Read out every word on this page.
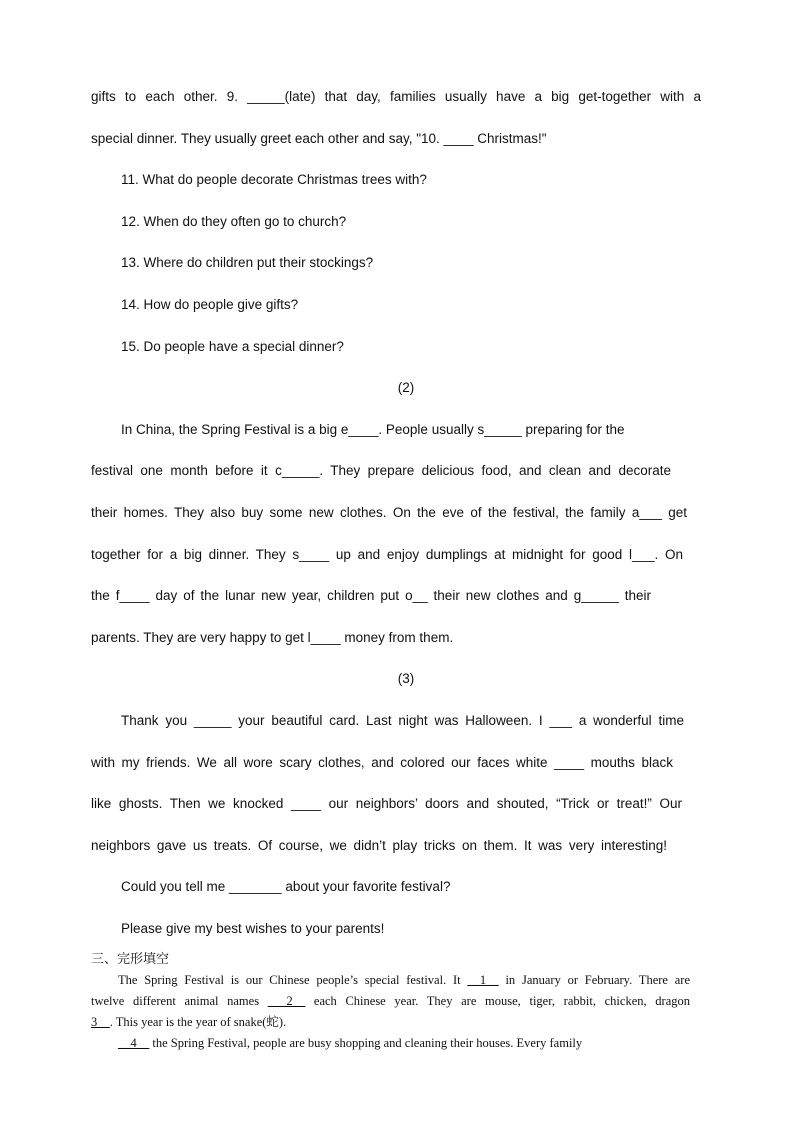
gifts to each other. 9. _____(late) that day, families usually have a big get-together with a
special dinner. They usually greet each other and say, "10. ____ Christmas!"
11. What do people decorate Christmas trees with?
12. When do they often go to church?
13. Where do children put their stockings?
14. How do people give gifts?
15. Do people have a special dinner?
(2)
In China, the Spring Festival is a big e____. People usually s_____ preparing for the
festival one month before it c_____. They prepare delicious food, and clean and decorate
their homes. They also buy some new clothes. On the eve of the festival, the family a___ get
together for a big dinner. They s____ up and enjoy dumplings at midnight for good l___. On
the f____ day of the lunar new year, children put o__ their new clothes and g_____ their
parents. They are very happy to get l____ money from them.
(3)
Thank you _____ your beautiful card. Last night was Halloween. I ___ a wonderful time
with my friends. We all wore scary clothes, and colored our faces white ____ mouths black
like ghosts. Then we knocked ____ our neighbors’ doors and shouted, “Trick or treat!” Our
neighbors gave us treats. Of course, we didn’t play tricks on them. It was very interesting!
Could you tell me _______ about your favorite festival?
Please give my best wishes to your parents!
三、完形填空
The Spring Festival is our Chinese people’s special festival. It __1__ in January or February. There are
twelve different animal names ___2__ each Chinese year. They are mouse, tiger, rabbit, chicken, dragon
3__. This year is the year of snake(蛇).
__4__ the Spring Festival, people are busy shopping and cleaning their houses. Every family
